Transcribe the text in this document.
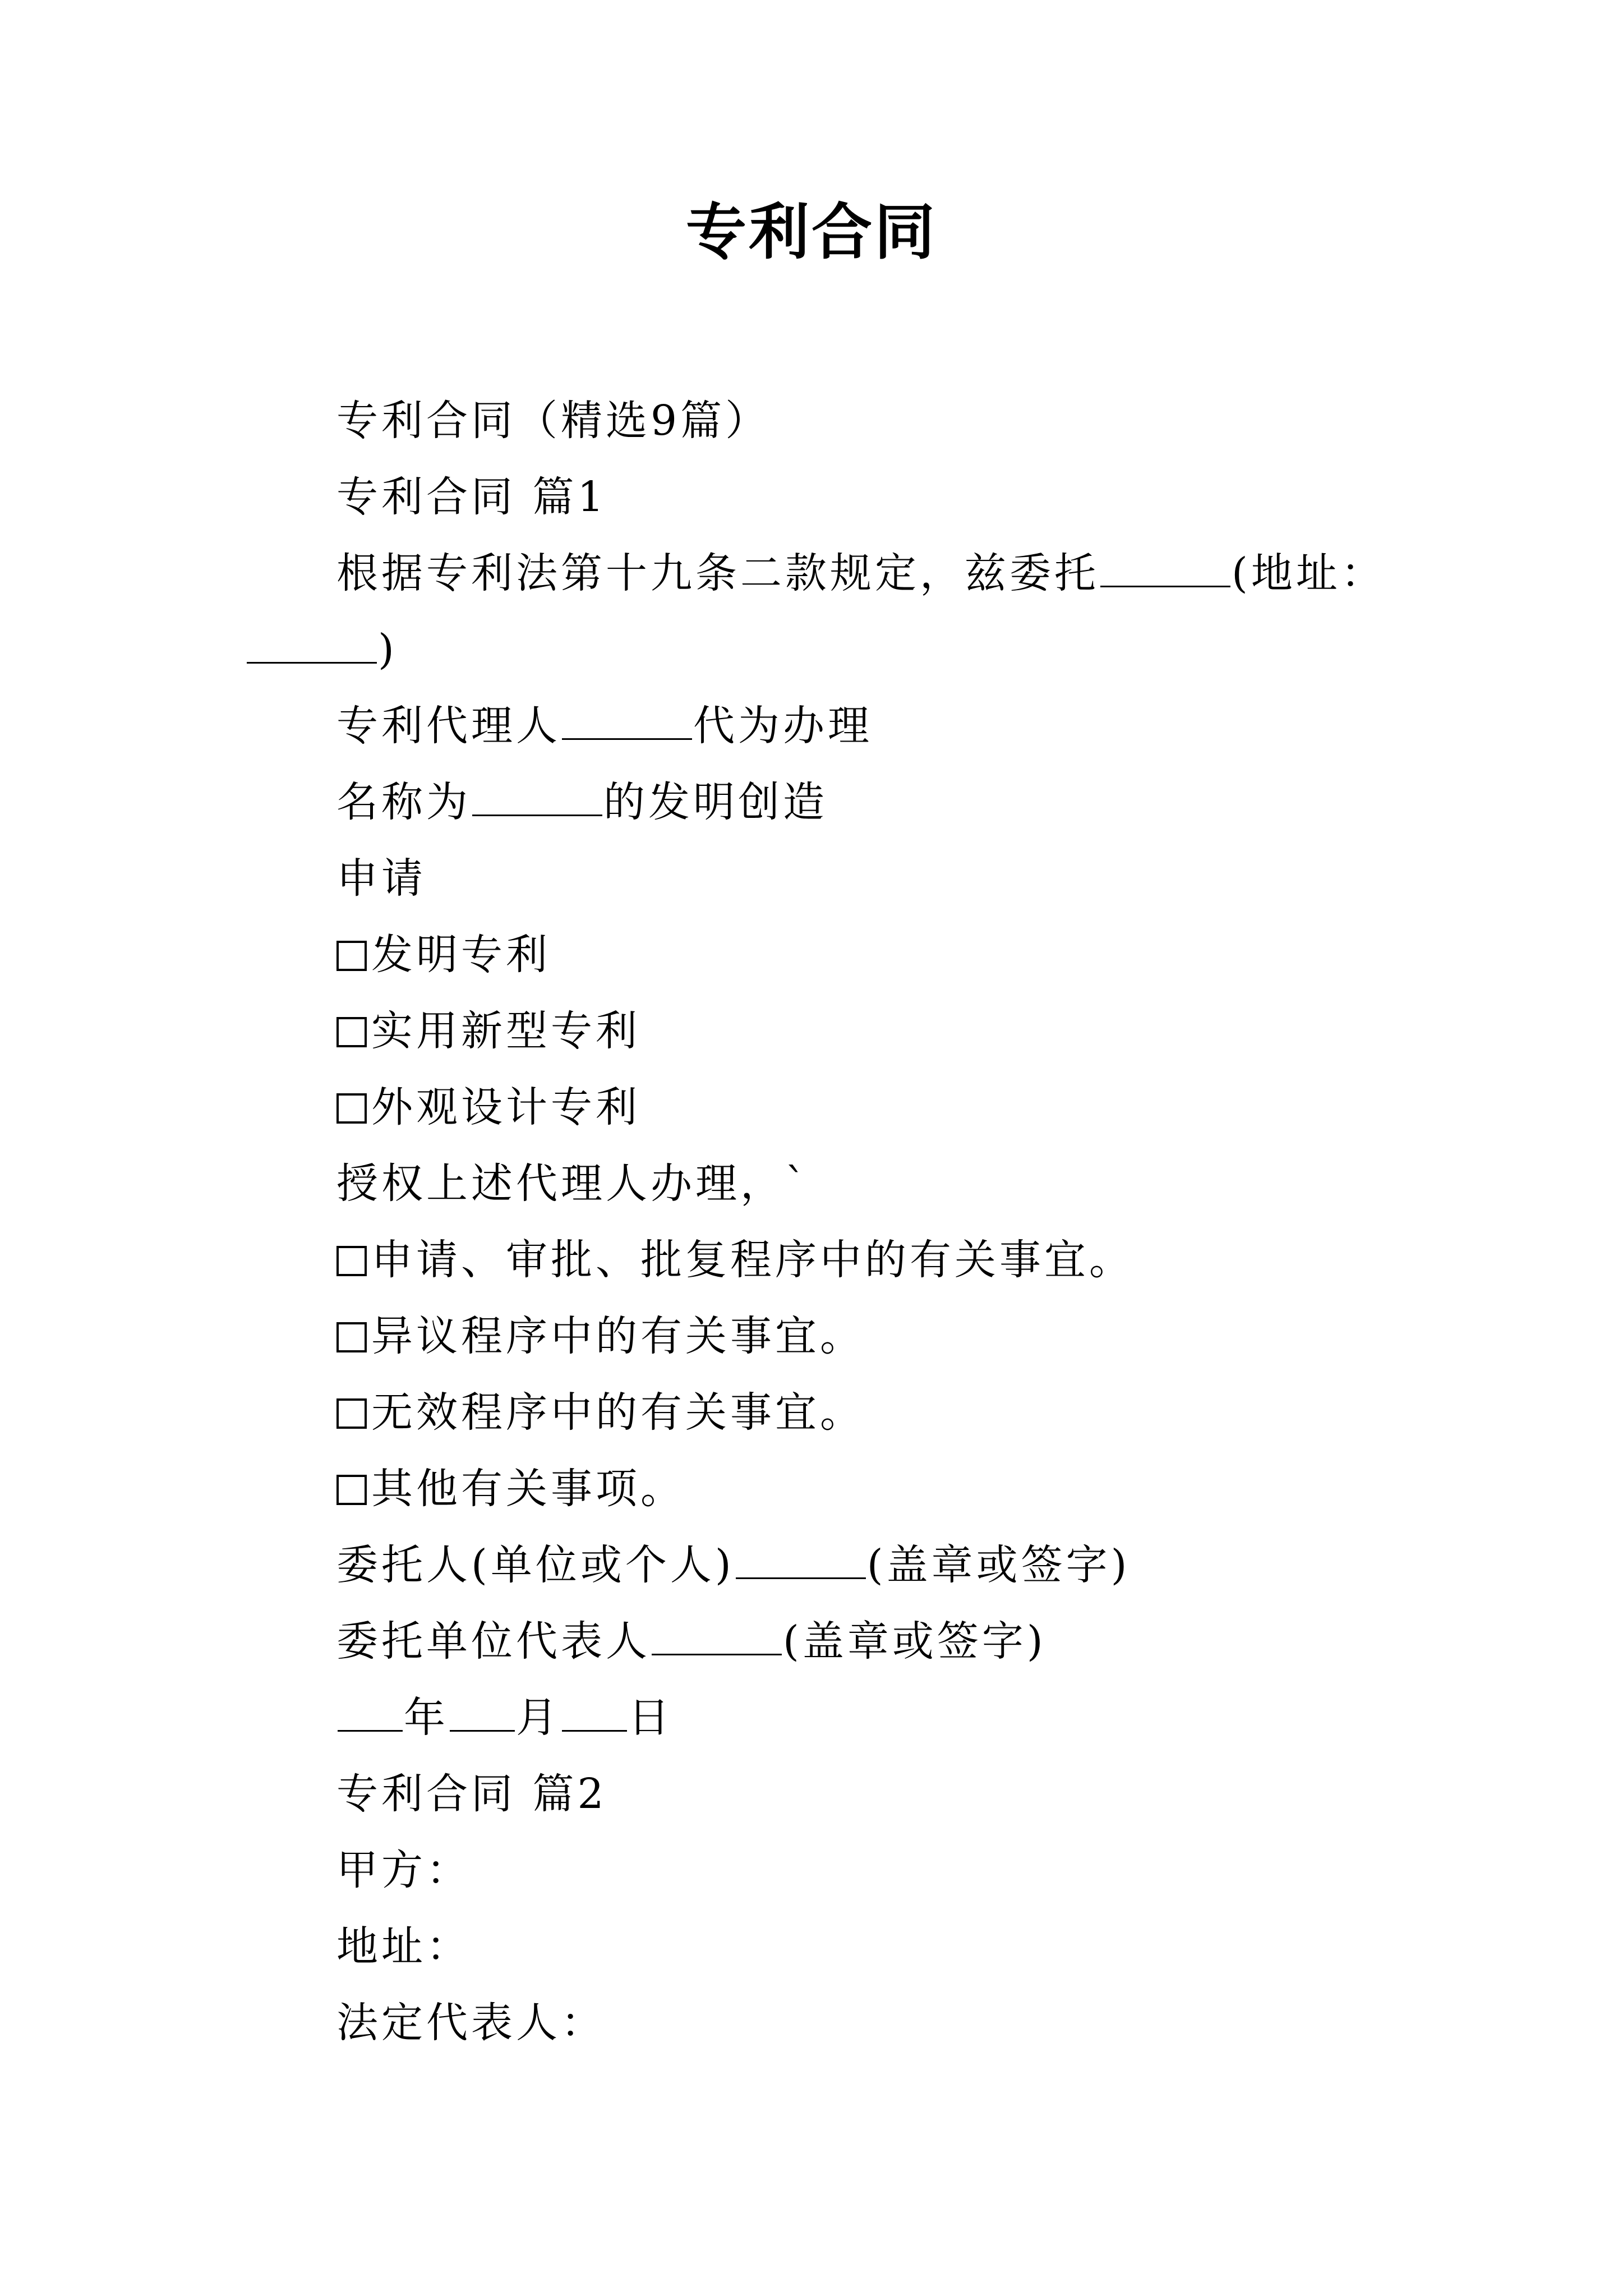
专利合同
专利合同（精选9篇）
专利合同 篇1
根据专利法第十九条二款规定，兹委托	(地址：
)
专利代理人	代为办理
名称为	的发明创造
申请
发明专利
实用新型专利
外观设计专利
授权上述代理人办理，`
申请、审批、批复程序中的有关事宜。
异议程序中的有关事宜。
无效程序中的有关事宜。
其他有关事项。
委托人(单位或个人)	(盖章或签字)
委托单位代表人	(盖章或签字)
年 月 日
专利合同 篇2
甲方：
地址：
法定代表人：
